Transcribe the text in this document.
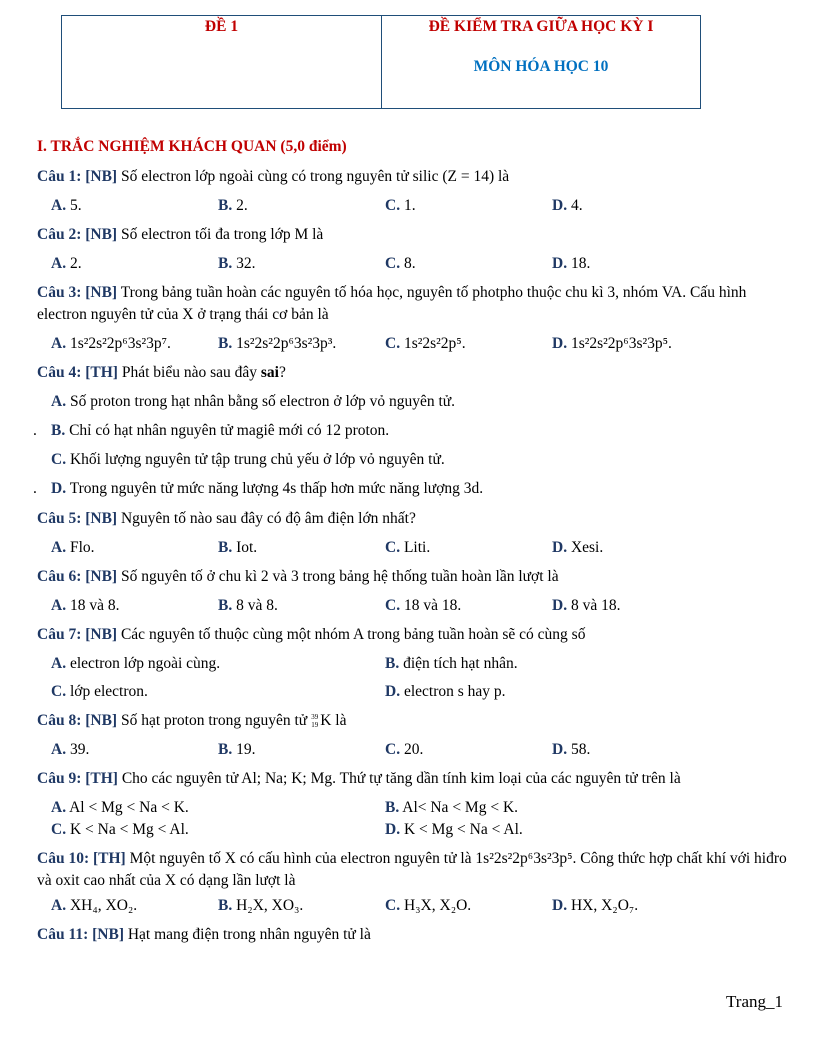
ĐỀ 1	ĐỀ KIỂM TRA GIỮA HỌC KỲ I
MÔN HÓA HỌC 10
I. TRẮC NGHIỆM KHÁCH QUAN (5,0 điểm)

Câu 1: [NB] Số electron lớp ngoài cùng có trong nguyên tử silic (Z = 14) là

A. 5.	B. 2.	C. 1.	D. 4.

Câu 2: [NB] Số electron tối đa trong lớp M là

A. 2.	B. 32.	C. 8.	D. 18.

Câu 3: [NB] Trong bảng tuần hoàn các nguyên tố hóa học, nguyên tố photpho thuộc chu kì 3, nhóm VA. Cấu hình electron nguyên tử của X ở trạng thái cơ bản là

A. 1s²2s²2p⁶3s²3p⁷.	B. 1s²2s²2p⁶3s²3p³.	C. 1s²2s²2p⁵.	D. 1s²2s²2p⁶3s²3p⁵.

Câu 4: [TH] Phát biểu nào sau đây sai?

A. Số proton trong hạt nhân bằng số electron ở lớp vỏ nguyên tử.
. B. Chỉ có hạt nhân nguyên tử magiê mới có 12 proton.
C. Khối lượng nguyên tử tập trung chủ yếu ở lớp vỏ nguyên tử.
. D. Trong nguyên tử mức năng lượng 4s thấp hơn mức năng lượng 3d.

Câu 5: [NB] Nguyên tố nào sau đây có độ âm điện lớn nhất?

A. Flo.	B. Iot.	C. Liti.	D. Xesi.

Câu 6: [NB] Số nguyên tố ở chu kì 2 và 3 trong bảng hệ thống tuần hoàn lần lượt là

A. 18 và 8.	B. 8 và 8.	C. 18 và 18.	D. 8 và 18.

Câu 7: [NB] Các nguyên tố thuộc cùng một nhóm A trong bảng tuần hoàn sẽ có cùng số

A. electron lớp ngoài cùng.	B. điện tích hạt nhân.
C. lớp electron.	D. electron s hay p.

Câu 8: [NB] Số hạt proton trong nguyên tử 39
19 K là

A. 39.	B. 19.	C. 20.	D. 58.

Câu 9: [TH] Cho các nguyên tử Al; Na; K; Mg. Thứ tự tăng dần tính kim loại của các nguyên tử trên là

A. Al < Mg < Na < K.	B. Al< Na < Mg < K.
C. K < Na < Mg < Al.	D. K < Mg < Na < Al.

Câu 10: [TH] Một nguyên tố X có cấu hình của electron nguyên tử là 1s²2s²2p⁶3s²3p⁵. Công thức hợp chất khí với hiđro và oxit cao nhất của X có dạng lần lượt là

A. XH₄, XO₂.	B. H₂X, XO₃.	C. H₃X, X₂O.	D. HX, X₂O₇.

Câu 11: [NB] Hạt mang điện trong nhân nguyên tử là

Trang_1
